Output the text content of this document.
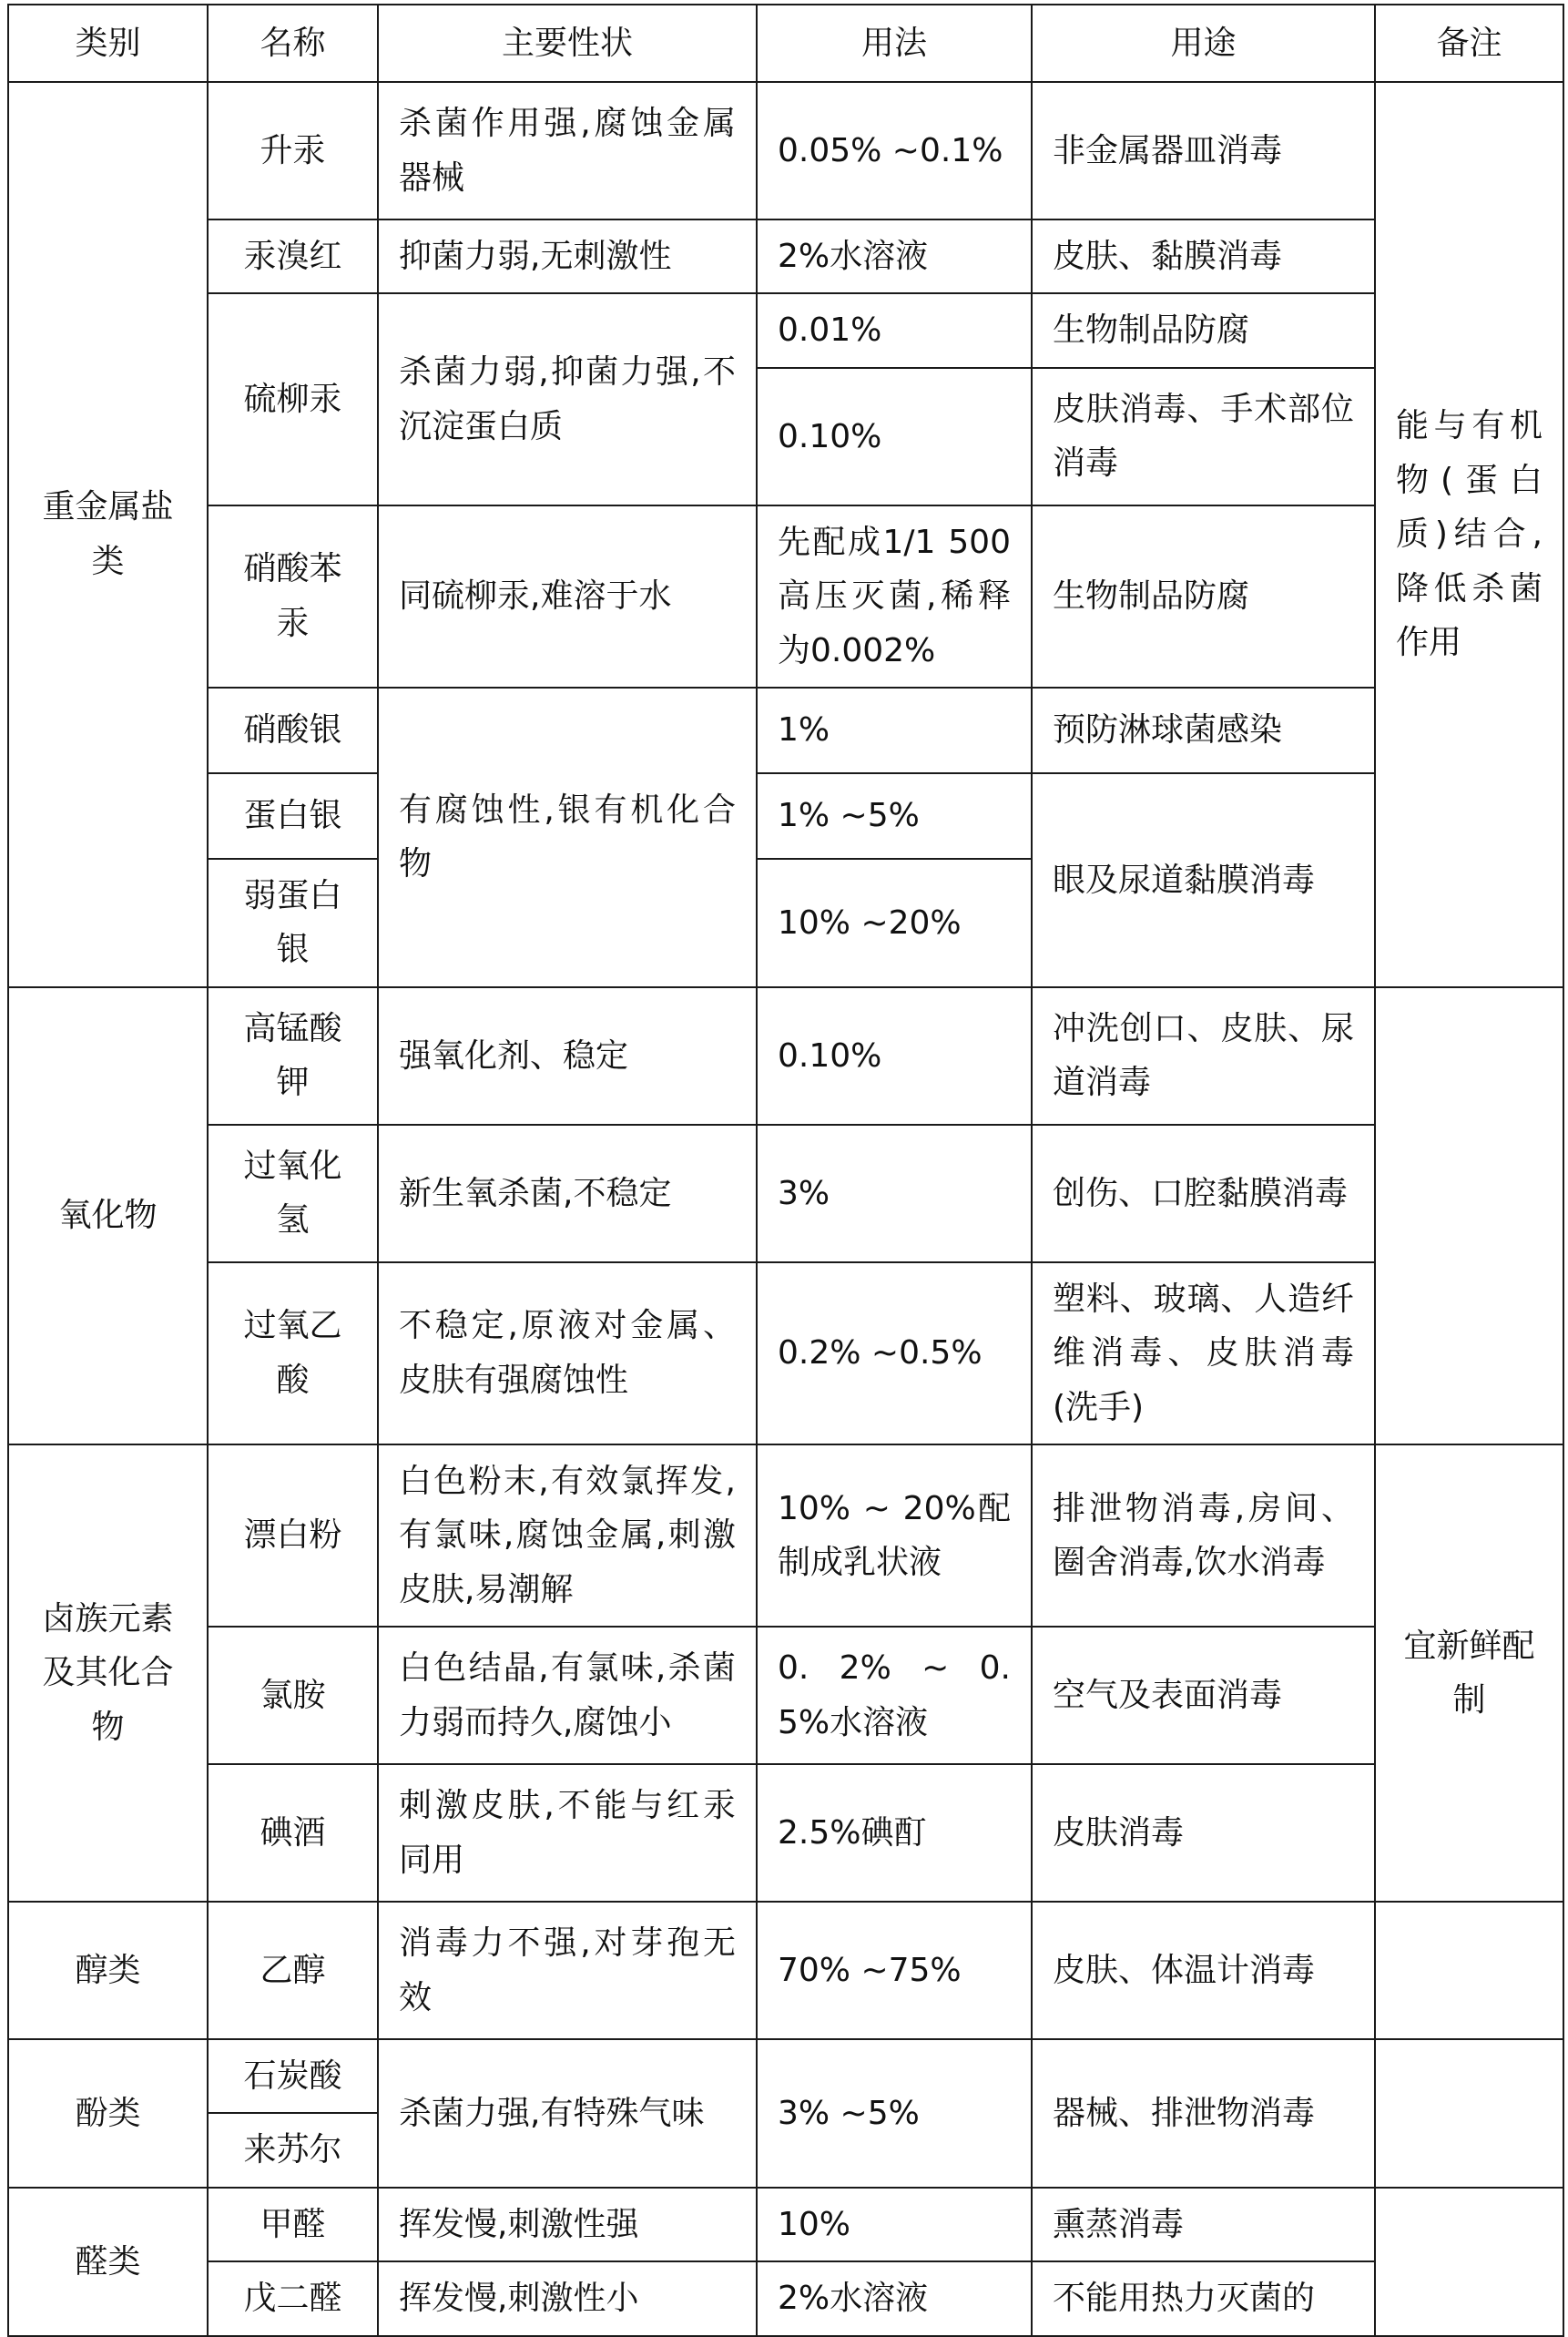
类别	名称	主要性状	用法	用途	备注
重金属盐类	升汞	杀菌作用强,腐蚀金属器械	0.05% ~0.1%	非金属器皿消毒	能与有机物(蛋白质)结合,降低杀菌作用
	汞溴红	抑菌力弱,无刺激性	2%水溶液	皮肤、黏膜消毒	
	硫柳汞	杀菌力弱,抑菌力强,不沉淀蛋白质	0.01%	生物制品防腐	
			0.10%	皮肤消毒、手术部位消毒	
	硝酸苯汞	同硫柳汞,难溶于水	先配成1/1 500高压灭菌,稀释为0.002%	生物制品防腐	
	硝酸银	有腐蚀性,银有机化合物	1%	预防淋球菌感染	
	蛋白银		1% ~5%	眼及尿道黏膜消毒	
	弱蛋白银		10% ~20%		
氧化物	高锰酸钾	强氧化剂、稳定	0.10%	冲洗创口、皮肤、尿道消毒	
	过氧化氢	新生氧杀菌,不稳定	3%	创伤、口腔黏膜消毒	
	过氧乙酸	不稳定,原液对金属、皮肤有强腐蚀性	0.2% ~0.5%	塑料、玻璃、人造纤维消毒、皮肤消毒(洗手)	
卤族元素及其化合物	漂白粉	白色粉末,有效氯挥发,有氯味,腐蚀金属,刺激皮肤,易潮解	10% ~ 20%配制成乳状液	排泄物消毒,房间、圈舍消毒,饮水消毒	宜新鲜配制
	氯胺	白色结晶,有氯味,杀菌力弱而持久,腐蚀小	0. 2% ~ 0. 5%水溶液	空气及表面消毒	
	碘酒	刺激皮肤,不能与红汞同用	2.5%碘酊	皮肤消毒	
醇类	乙醇	消毒力不强,对芽孢无效	70% ~75%	皮肤、体温计消毒	
酚类	石炭酸	杀菌力强,有特殊气味	3% ~5%	器械、排泄物消毒	
	来苏尔				
醛类	甲醛	挥发慢,刺激性强	10%	熏蒸消毒	
	戊二醛	挥发慢,刺激性小	2%水溶液	不能用热力灭菌的	
